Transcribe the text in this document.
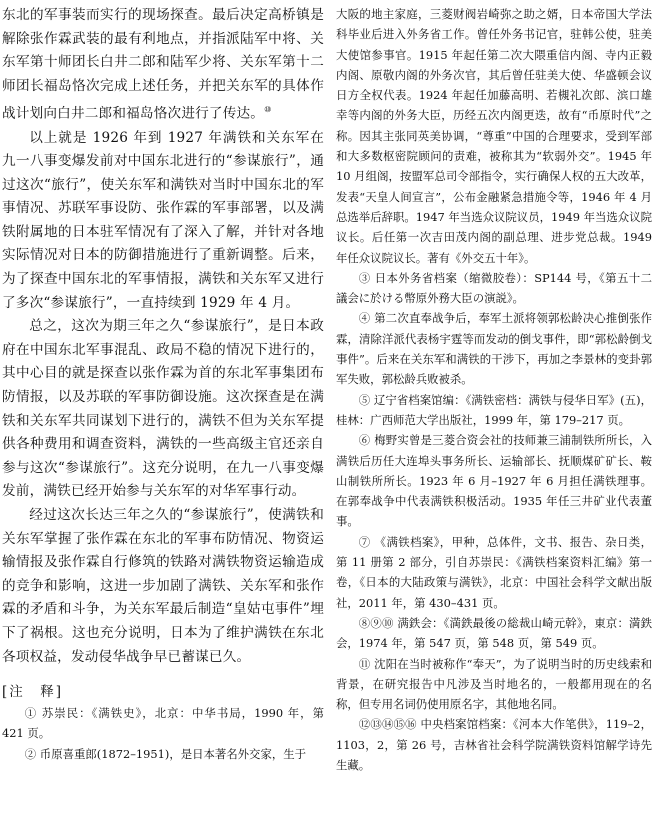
东北的军事装而实行的现场探查。最后决定高桥镇是解除张作霖武装的最有利地点，并指派陆军中将、关东军第十师团长白井二郎和陆军少将、关东军第十二师团长福岛恪次完成上述任务，并把关东军的具体作战计划向白井二郎和福岛恪次进行了传达。⑩

以上就是 1926 年到 1927 年满铁和关东军在九一八事变爆发前对中国东北进行的“参谋旅行”，通过这次“旅行”，使关东军和满铁对当时中国东北的军事情况、苏联军事设防、张作霖的军事部署，以及满铁附属地的日本驻军情况有了深入了解，并针对各地实际情况对日本的防御措施进行了重新调整。后来，为了探查中国东北的军事情报，满铁和关东军又进行了多次“参谋旅行”，一直持续到 1929 年 4 月。

总之，这次为期三年之久“参谋旅行”，是日本政府在中国东北军事混乱、政局不稳的情况下进行的，其中心目的就是探查以张作霖为首的东北军事集团布防情报，以及苏联的军事防御设施。这次探查是在满铁和关东军共同谋划下进行的，满铁不但为关东军提供各种费用和调查资料，满铁的一些高级主官还亲自参与这次“参谋旅行”。这充分说明，在九一八事变爆发前，满铁已经开始参与关东军的对华军事行动。

经过这次长达三年之久的“参谋旅行”，使满铁和关东军掌握了张作霖在东北的军事布防情况、物资运输情报及张作霖自行修筑的铁路对满铁物资运输造成的竞争和影响，这进一步加剧了满铁、关东军和张作霖的矛盾和斗争，为关东军最后制造“皇姑屯事件”埋下了祸根。这也充分说明，日本为了维护满铁在东北各项权益，发动侵华战争早已蓄谋已久。

[注　释]

① 苏崇民：《满铁史》，北京：中华书局，1990 年，第 421 页。

② 币原喜重郎(1872–1951)，是日本著名外交家，生于

大阪的地主家庭，三菱财阀岩崎弥之助之婿，日本帝国大学法科毕业后进入外务省工作。曾任外务书记官，驻韩公使，驻美大使馆参事官。1915 年起任第二次大隈重信内阁、寺内正毅内阁、原敬内阁的外务次官，其后曾任驻美大使、华盛顿会议日方全权代表。1924 年起任加藤高明、若槻礼次郎、滨口雄幸等内阁的外务大臣，历经五次内阁更迭，故有“币原时代”之称。因其主张同英美协调，“尊重”中国的合理要求，受到军部和大多数枢密院顾问的责难，被称其为“软弱外交”。1945 年 10 月组阁，按盟军总司令部指令，实行确保人权的五大改革，发表“天皇人间宣言”，公布金融紧急措施令等，1946 年 4 月总选举后辞职。1947 年当选众议院议员，1949 年当选众议院议长。后任第一次吉田茂内阁的副总理、进步党总裁。1949 年任众议院议长。著有《外交五十年》。

③ 日本外务省档案（缩微胶卷）：SP144 号，《第五十二議会に於ける幣原外務大臣の演説》。

④ 第二次直奉战争后，奉军土派将领郭松龄决心推倒张作霖，清除洋派代表杨宇霆等而发动的倒戈事件，即“郭松龄倒戈事件”。后来在关东军和满铁的干涉下，再加之李景林的变卦郭军失败，郭松龄兵败被杀。

⑤ 辽宁省档案馆编：《满铁密档：满铁与侵华日军》(五)，桂林：广西师范大学出版社，1999 年，第 179–217 页。

⑥ 梅野实曾是三菱合资会社的技师兼三浦制铁所所长，入满铁后历任大连埠头事务所长、运输部长、抚顺煤矿矿长、鞍山制铁所所长。1923 年 6 月–1927 年 6 月担任满铁理事。在郭奉战争中代表满铁积极活动。1935 年任三井矿业代表董事。

⑦ 《满铁档案》，甲种，总体件，文书、报告、杂日类，第 11 册第 2 部分，引自苏崇民：《满铁档案资料汇编》第一卷，《日本的大陆政策与满铁》，北京：中国社会科学文献出版社，2011 年，第 430–431 页。

⑧⑨⑩ 满鉄会：《満鉄最後の総裁山崎元幹》，東京：満鉄会，1974 年，第 547 页，第 548 页，第 549 页。

⑪ 沈阳在当时被称作“奉天”，为了说明当时的历史线索和背景，在研究报告中凡涉及当时地名的，一般都用现在的名称，但专用名词仍使用原名字，其他地名同。

⑫⑬⑭⑮⑯ 中央档案馆档案：《河本大作笔供》，119–2，1103，2，第 26 号，吉林省社会科学院满铁资料馆解学诗先生藏。
